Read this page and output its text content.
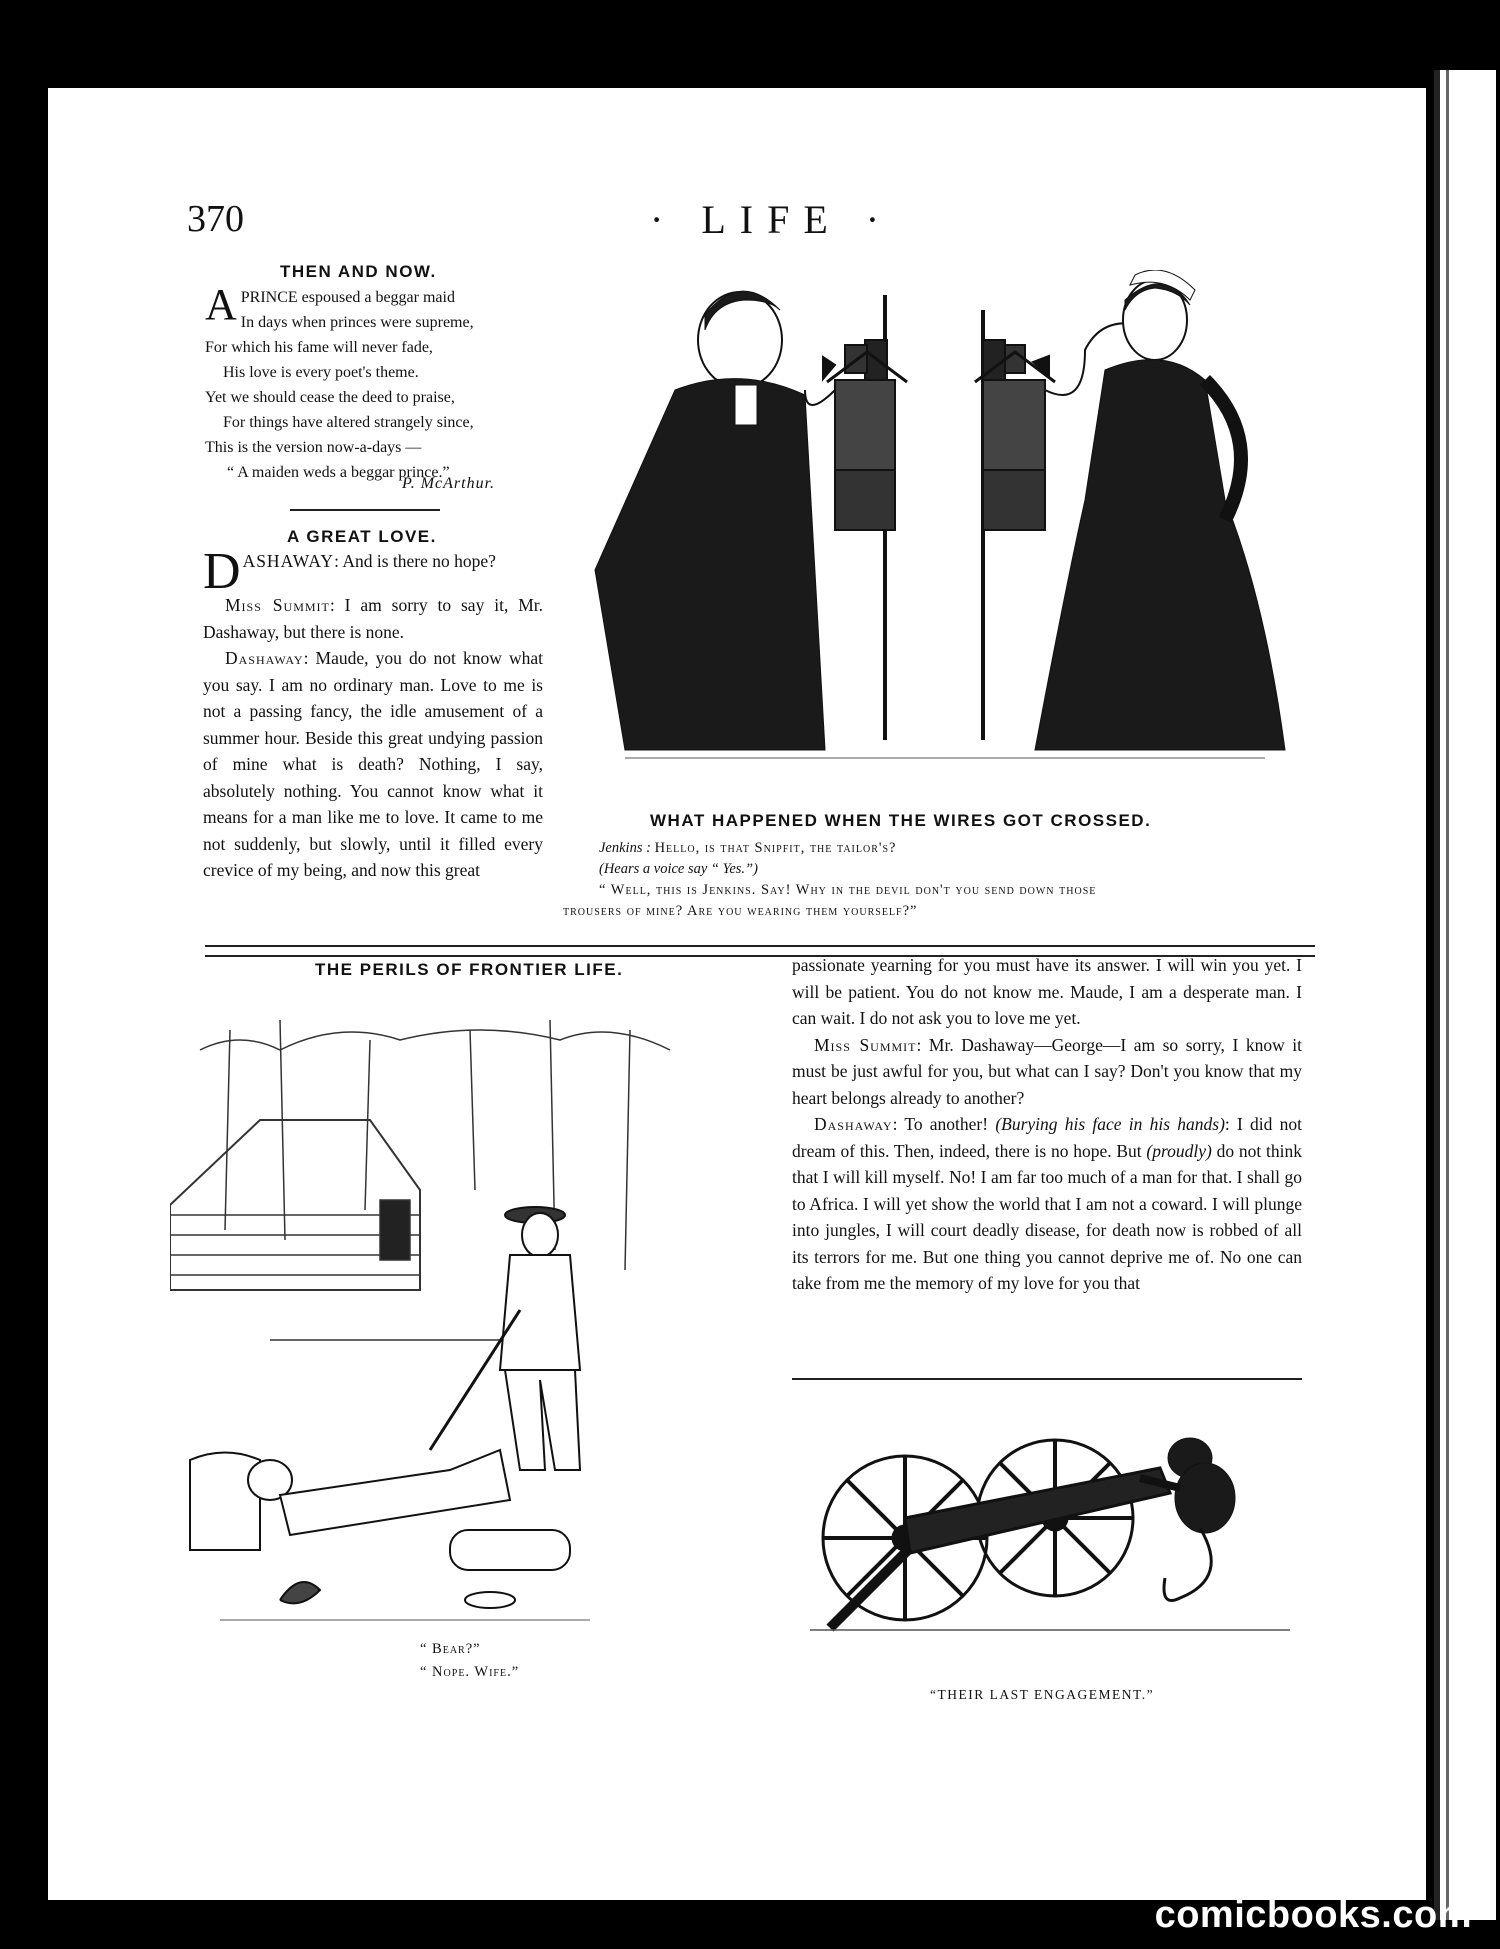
370	· LIFE ·
THEN AND NOW.
A PRINCE espoused a beggar maid
In days when princes were supreme,
For which his fame will never fade,
His love is every poet's theme.
Yet we should cease the deed to praise,
For things have altered strangely since,
This is the version now-a-days —
“ A maiden weds a beggar prince.”
P. McArthur.
A GREAT LOVE.

DASHAWAY: And is there no hope?

Miss Summit: I am sorry to say it, Mr. Dashaway, but there is none.

Dashaway: Maude, you do not know what you say. I am no ordinary man. Love to me is not a passing fancy, the idle amusement of a summer hour. Beside this great undying passion of mine what is death? Nothing, I say, absolutely nothing. You cannot know what it means for a man like me to love. It came to me not suddenly, but slowly, until it filled every crevice of my being, and now this great

WHAT HAPPENED WHEN THE WIRES GOT CROSSED.
Jenkins : Hello, is that Snipfit, the tailor's?
(Hears a voice say “ Yes.”)
“ Well, this is Jenkins. Say! Why in the devil don't you send down those
trousers of mine? Are you wearing them yourself?”
THE PERILS OF FRONTIER LIFE.
“ Bear?”
“ Nope. Wife.”

passionate yearning for you must have its answer. I will win you yet. I will be patient. You do not know me. Maude, I am a desperate man. I can wait. I do not ask you to love me yet.

Miss Summit: Mr. Dashaway—George—I am so sorry, I know it must be just awful for you, but what can I say? Don't you know that my heart belongs already to another?

Dashaway: To another! (Burying his face in his hands): I did not dream of this. Then, indeed, there is no hope. But (proudly) do not think that I will kill myself. No! I am far too much of a man for that. I shall go to Africa. I will yet show the world that I am not a coward. I will plunge into jungles, I will court deadly disease, for death now is robbed of all its terrors for me. But one thing you cannot deprive me of. No one can take from me the memory of my love for you that

“THEIR LAST ENGAGEMENT.”
comicbooks.com
